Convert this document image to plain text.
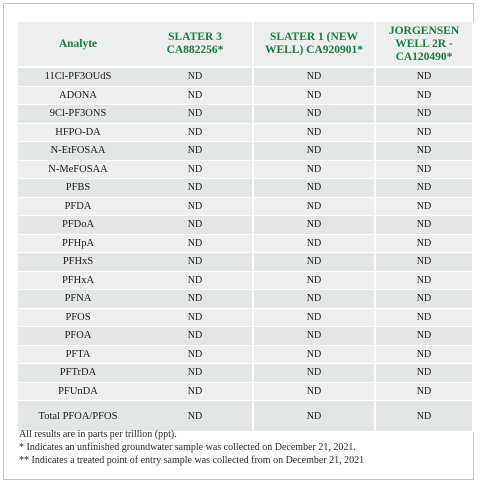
Analyte	SLATER 3 CA882256*	SLATER 1 (NEW WELL) CA920901*	JORGENSEN WELL 2R - CA120490*
11Cl-PF3OUdS	ND	ND	ND
ADONA	ND	ND	ND
9Cl-PF3ONS	ND	ND	ND
HFPO-DA	ND	ND	ND
N-EtFOSAA	ND	ND	ND
N-MeFOSAA	ND	ND	ND
PFBS	ND	ND	ND
PFDA	ND	ND	ND
PFDoA	ND	ND	ND
PFHpA	ND	ND	ND
PFHxS	ND	ND	ND
PFHxA	ND	ND	ND
PFNA	ND	ND	ND
PFOS	ND	ND	ND
PFOA	ND	ND	ND
PFTA	ND	ND	ND
PFTrDA	ND	ND	ND
PFUnDA	ND	ND	ND
Total PFOA/PFOS	ND	ND	ND
All results are in parts per trillion (ppt).
* Indicates an unfinished groundwater sample was collected on December 21, 2021.
** Indicates a treated point of entry sample was collected from on December 21, 2021
